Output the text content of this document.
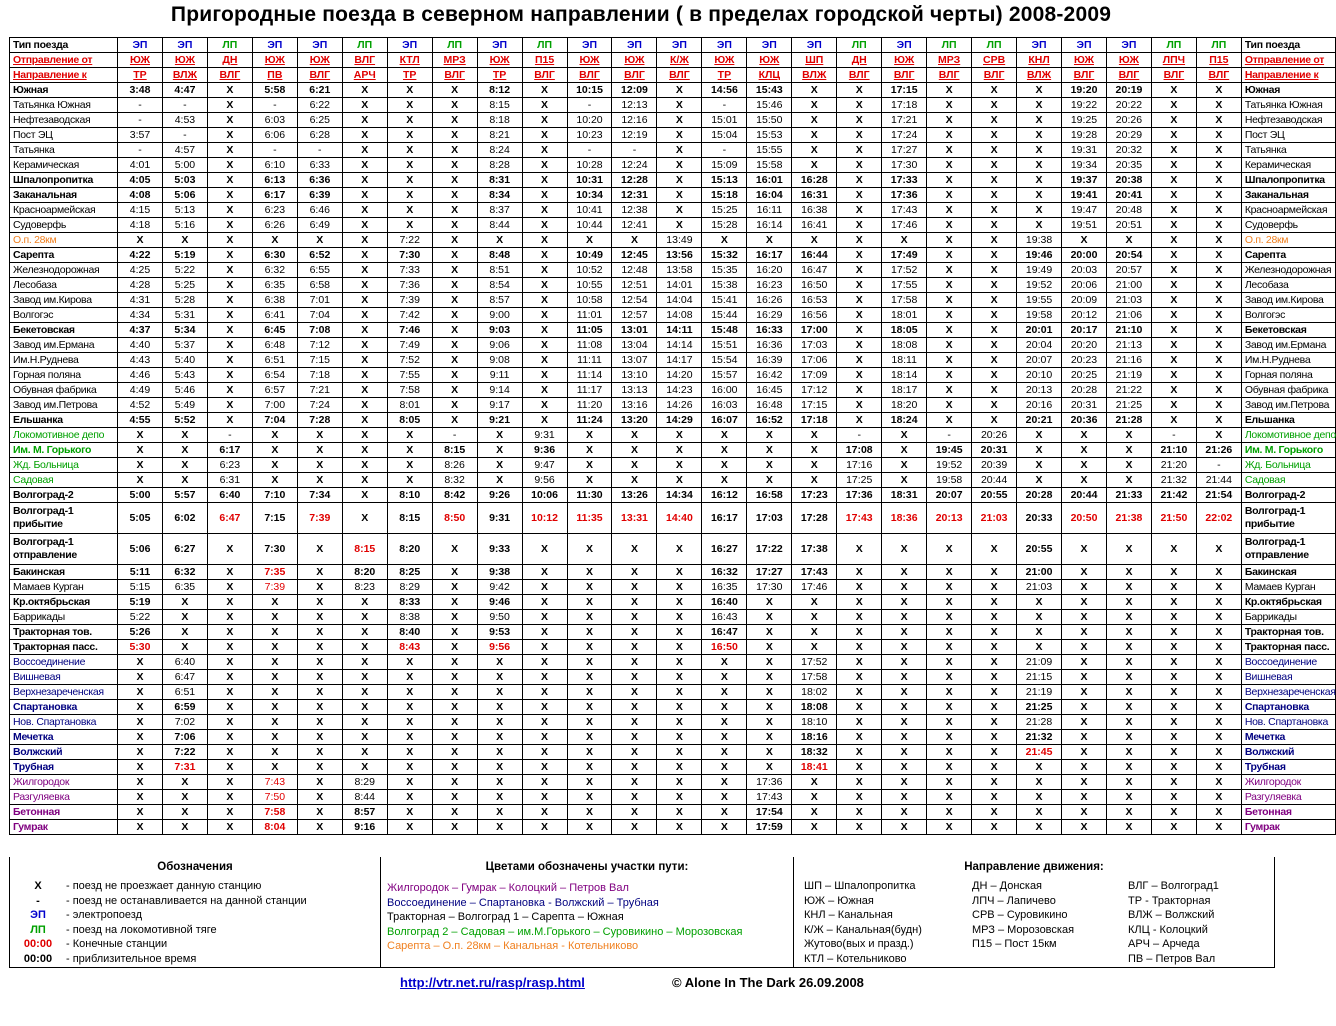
Пригородные поезда в северном направлении ( в пределах городской черты) 2008-2009
Тип поезда	ЭП	ЭП	ЛП	ЭП	ЭП	ЛП	ЭП	ЛП	ЭП	ЛП	ЭП	ЭП	ЭП	ЭП	ЭП	ЭП	ЛП	ЭП	ЛП	ЛП	ЭП	ЭП	ЭП	ЛП	ЛП	Тип поезда
Отправление от	ЮЖ	ЮЖ	ДН	ЮЖ	ЮЖ	ВЛГ	КТЛ	МРЗ	ЮЖ	П15	ЮЖ	ЮЖ	К/Ж	ЮЖ	ЮЖ	ШП	ДН	ЮЖ	МРЗ	СРВ	КНЛ	ЮЖ	ЮЖ	ЛПЧ	П15	Отправление от
Направление к	ТР	ВЛЖ	ВЛГ	ПВ	ВЛГ	АРЧ	ТР	ВЛГ	ТР	ВЛГ	ВЛГ	ВЛГ	ВЛГ	ТР	КЛЦ	ВЛЖ	ВЛГ	ВЛГ	ВЛГ	ВЛГ	ВЛЖ	ВЛГ	ВЛГ	ВЛГ	ВЛГ	Направление к
Южная	3:48	4:47	X	5:58	6:21	X	X	X	8:12	X	10:15	12:09	X	14:56	15:43	X	X	17:15	X	X	X	19:20	20:19	X	X	Южная
Татьянка Южная	-	-	X	-	6:22	X	X	X	8:15	X	-	12:13	X	-	15:46	X	X	17:18	X	X	X	19:22	20:22	X	X	Татьянка Южная
Нефтезаводская	-	4:53	X	6:03	6:25	X	X	X	8:18	X	10:20	12:16	X	15:01	15:50	X	X	17:21	X	X	X	19:25	20:26	X	X	Нефтезаводская
Пост ЭЦ	3:57	-	X	6:06	6:28	X	X	X	8:21	X	10:23	12:19	X	15:04	15:53	X	X	17:24	X	X	X	19:28	20:29	X	X	Пост ЭЦ
Татьянка	-	4:57	X	-	-	X	X	X	8:24	X	-	-	X	-	15:55	X	X	17:27	X	X	X	19:31	20:32	X	X	Татьянка
Керамическая	4:01	5:00	X	6:10	6:33	X	X	X	8:28	X	10:28	12:24	X	15:09	15:58	X	X	17:30	X	X	X	19:34	20:35	X	X	Керамическая
Шпалопропитка	4:05	5:03	X	6:13	6:36	X	X	X	8:31	X	10:31	12:28	X	15:13	16:01	16:28	X	17:33	X	X	X	19:37	20:38	X	X	Шпалопропитка
Заканальная	4:08	5:06	X	6:17	6:39	X	X	X	8:34	X	10:34	12:31	X	15:18	16:04	16:31	X	17:36	X	X	X	19:41	20:41	X	X	Заканальная
Красноармейская	4:15	5:13	X	6:23	6:46	X	X	X	8:37	X	10:41	12:38	X	15:25	16:11	16:38	X	17:43	X	X	X	19:47	20:48	X	X	Красноармейская
Судоверфь	4:18	5:16	X	6:26	6:49	X	X	X	8:44	X	10:44	12:41	X	15:28	16:14	16:41	X	17:46	X	X	X	19:51	20:51	X	X	Судоверфь
О.п. 28км	X	X	X	X	X	X	7:22	X	X	X	X	X	13:49	X	X	X	X	X	X	X	19:38	X	X	X	X	О.п. 28км
Сарепта	4:22	5:19	X	6:30	6:52	X	7:30	X	8:48	X	10:49	12:45	13:56	15:32	16:17	16:44	X	17:49	X	X	19:46	20:00	20:54	X	X	Сарепта
Железнодорожная	4:25	5:22	X	6:32	6:55	X	7:33	X	8:51	X	10:52	12:48	13:58	15:35	16:20	16:47	X	17:52	X	X	19:49	20:03	20:57	X	X	Железнодорожная
Лесобаза	4:28	5:25	X	6:35	6:58	X	7:36	X	8:54	X	10:55	12:51	14:01	15:38	16:23	16:50	X	17:55	X	X	19:52	20:06	21:00	X	X	Лесобаза
Завод им.Кирова	4:31	5:28	X	6:38	7:01	X	7:39	X	8:57	X	10:58	12:54	14:04	15:41	16:26	16:53	X	17:58	X	X	19:55	20:09	21:03	X	X	Завод им.Кирова
Волгогэс	4:34	5:31	X	6:41	7:04	X	7:42	X	9:00	X	11:01	12:57	14:08	15:44	16:29	16:56	X	18:01	X	X	19:58	20:12	21:06	X	X	Волгогэс
Бекетовская	4:37	5:34	X	6:45	7:08	X	7:46	X	9:03	X	11:05	13:01	14:11	15:48	16:33	17:00	X	18:05	X	X	20:01	20:17	21:10	X	X	Бекетовская
Завод им.Ермана	4:40	5:37	X	6:48	7:12	X	7:49	X	9:06	X	11:08	13:04	14:14	15:51	16:36	17:03	X	18:08	X	X	20:04	20:20	21:13	X	X	Завод им.Ермана
Им.Н.Руднева	4:43	5:40	X	6:51	7:15	X	7:52	X	9:08	X	11:11	13:07	14:17	15:54	16:39	17:06	X	18:11	X	X	20:07	20:23	21:16	X	X	Им.Н.Руднева
Горная поляна	4:46	5:43	X	6:54	7:18	X	7:55	X	9:11	X	11:14	13:10	14:20	15:57	16:42	17:09	X	18:14	X	X	20:10	20:25	21:19	X	X	Горная поляна
Обувная фабрика	4:49	5:46	X	6:57	7:21	X	7:58	X	9:14	X	11:17	13:13	14:23	16:00	16:45	17:12	X	18:17	X	X	20:13	20:28	21:22	X	X	Обувная фабрика
Завод им.Петрова	4:52	5:49	X	7:00	7:24	X	8:01	X	9:17	X	11:20	13:16	14:26	16:03	16:48	17:15	X	18:20	X	X	20:16	20:31	21:25	X	X	Завод им.Петрова
Ельшанка	4:55	5:52	X	7:04	7:28	X	8:05	X	9:21	X	11:24	13:20	14:29	16:07	16:52	17:18	X	18:24	X	X	20:21	20:36	21:28	X	X	Ельшанка
Локомотивное депо	X	X	-	X	X	X	X	-	X	9:31	X	X	X	X	X	X	-	X	-	20:26	X	X	X	-	X	Локомотивное депо
Им. М. Горького	X	X	6:17	X	X	X	X	8:15	X	9:36	X	X	X	X	X	X	17:08	X	19:45	20:31	X	X	X	21:10	21:26	Им. М. Горького
Жд. Больница	X	X	6:23	X	X	X	X	8:26	X	9:47	X	X	X	X	X	X	17:16	X	19:52	20:39	X	X	X	21:20	-	Жд. Больница
Садовая	X	X	6:31	X	X	X	X	8:32	X	9:56	X	X	X	X	X	X	17:25	X	19:58	20:44	X	X	X	21:32	21:44	Садовая
Волгоград-2	5:00	5:57	6:40	7:10	7:34	X	8:10	8:42	9:26	10:06	11:30	13:26	14:34	16:12	16:58	17:23	17:36	18:31	20:07	20:55	20:28	20:44	21:33	21:42	21:54	Волгоград-2
Волгоград-1 прибытие	5:05	6:02	6:47	7:15	7:39	X	8:15	8:50	9:31	10:12	11:35	13:31	14:40	16:17	17:03	17:28	17:43	18:36	20:13	21:03	20:33	20:50	21:38	21:50	22:02	Волгоград-1 прибытие
Волгоград-1 отправление	5:06	6:27	X	7:30	X	8:15	8:20	X	9:33	X	X	X	X	16:27	17:22	17:38	X	X	X	X	20:55	X	X	X	X	Волгоград-1 отправление
Бакинская	5:11	6:32	X	7:35	X	8:20	8:25	X	9:38	X	X	X	X	16:32	17:27	17:43	X	X	X	X	21:00	X	X	X	X	Бакинская
Мамаев Курган	5:15	6:35	X	7:39	X	8:23	8:29	X	9:42	X	X	X	X	16:35	17:30	17:46	X	X	X	X	21:03	X	X	X	X	Мамаев Курган
Кр.октябрьская	5:19	X	X	X	X	X	8:33	X	9:46	X	X	X	X	16:40	X	X	X	X	X	X	X	X	X	X	X	Кр.октябрьская
Баррикады	5:22	X	X	X	X	X	8:38	X	9:50	X	X	X	X	16:43	X	X	X	X	X	X	X	X	X	X	X	Баррикады
Тракторная тов.	5:26	X	X	X	X	X	8:40	X	9:53	X	X	X	X	16:47	X	X	X	X	X	X	X	X	X	X	X	Тракторная тов.
Тракторная пасс.	5:30	X	X	X	X	X	8:43	X	9:56	X	X	X	X	16:50	X	X	X	X	X	X	X	X	X	X	X	Тракторная пасс.
Воссоединение	X	6:40	X	X	X	X	X	X	X	X	X	X	X	X	X	17:52	X	X	X	X	21:09	X	X	X	X	Воссоединение
Вишневая	X	6:47	X	X	X	X	X	X	X	X	X	X	X	X	X	17:58	X	X	X	X	21:15	X	X	X	X	Вишневая
Верхнезареченская	X	6:51	X	X	X	X	X	X	X	X	X	X	X	X	X	18:02	X	X	X	X	21:19	X	X	X	X	Верхнезареченская
Спартановка	X	6:59	X	X	X	X	X	X	X	X	X	X	X	X	X	18:08	X	X	X	X	21:25	X	X	X	X	Спартановка
Нов. Спартановка	X	7:02	X	X	X	X	X	X	X	X	X	X	X	X	X	18:10	X	X	X	X	21:28	X	X	X	X	Нов. Спартановка
Мечетка	X	7:06	X	X	X	X	X	X	X	X	X	X	X	X	X	18:16	X	X	X	X	21:32	X	X	X	X	Мечетка
Волжский	X	7:22	X	X	X	X	X	X	X	X	X	X	X	X	X	18:32	X	X	X	X	21:45	X	X	X	X	Волжский
Трубная	X	7:31	X	X	X	X	X	X	X	X	X	X	X	X	X	18:41	X	X	X	X	X	X	X	X	X	Трубная
Жилгородок	X	X	X	7:43	X	8:29	X	X	X	X	X	X	X	X	17:36	X	X	X	X	X	X	X	X	X	X	Жилгородок
Разгуляевка	X	X	X	7:50	X	8:44	X	X	X	X	X	X	X	X	17:43	X	X	X	X	X	X	X	X	X	X	Разгуляевка
Бетонная	X	X	X	7:58	X	8:57	X	X	X	X	X	X	X	X	17:54	X	X	X	X	X	X	X	X	X	X	Бетонная
Гумрак	X	X	X	8:04	X	9:16	X	X	X	X	X	X	X	X	17:59	X	X	X	X	X	X	X	X	X	X	Гумрак
Обозначения
X - поезд не проезжает данную станцию
- - поезд не останавливается на данной станции
ЭП - электропоезд
ЛП - поезд на локомотивной тяге
00:00 - Конечные станции
00:00 - приблизительное время
Цветами обозначены участки пути:
Жилгородок – Гумрак – Колоцкий – Петров Вал
Воссоединение – Спартановка - Волжский – Трубная
Тракторная – Волгоград 1 – Сарепта – Южная
Волгоград 2 – Садовая – им.М.Горького – Суровикино – Морозовская
Сарепта – О.п. 28км – Канальная - Котельниково
Направление движения:
ШП – Шпалопропитка
ЮЖ – Южная
КНЛ – Канальная
К/Ж – Канальная(будн)
Жутово(вых и празд.)
КТЛ – Котельниково
ДН – Донская
ЛПЧ – Лапичево
СРВ – Суровикино
МРЗ – Морозовская
П15 – Пост 15км
ВЛГ – Волгоград1
ТР - Тракторная
ВЛЖ – Волжский
КЛЦ - Колоцкий
АРЧ – Арчеда
ПВ – Петров Вал
http://vtr.net.ru/rasp/rasp.html	© Alone In The Dark 26.09.2008
